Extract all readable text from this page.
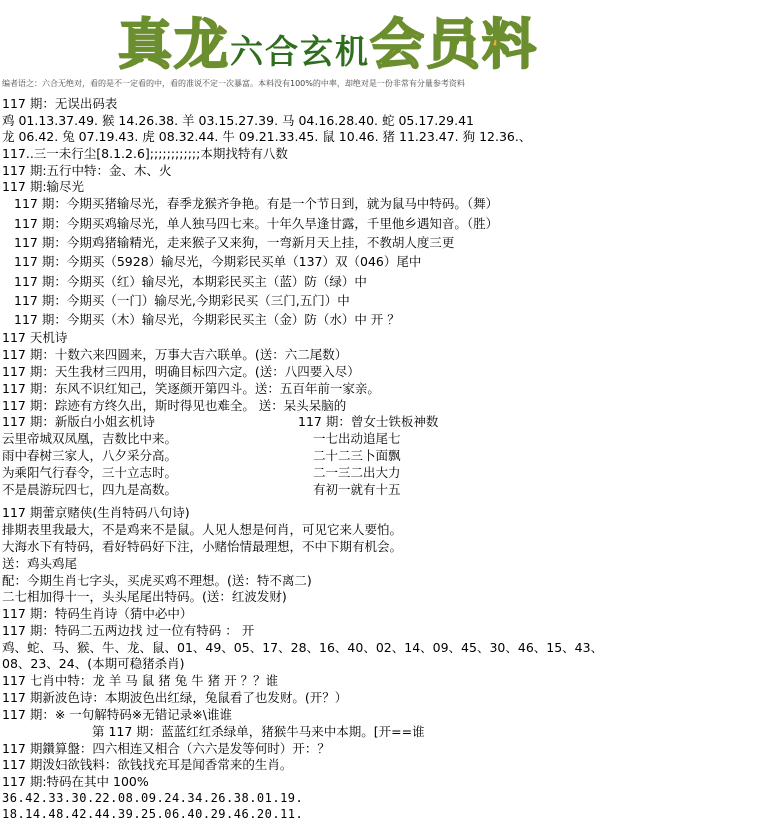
真龙六合玄机会员料
编者语之：六合无绝对，看的是不一定看的中，看的准说不定一次暴富。本料没有100%的中率，却绝对是一份非常有分量参考资料
117 期：无误出码表
鸡 01.13.37.49. 猴 14.26.38. 羊 03.15.27.39. 马 04.16.28.40. 蛇 05.17.29.41
龙 06.42. 兔 07.19.43. 虎 08.32.44. 牛 09.21.33.45. 鼠 10.46. 猪 11.23.47. 狗 12.36.、
117..三一未行尘[8.1.2.6];;;;;;;;;;;;本期找特有八数
117 期:五行中特：金、木、火
117 期:输尽光
117 期：今期买猪输尽光，春季龙猴齐争艳。有是一个节日到，就为鼠马中特码。（舞）
117 期：今期买鸡输尽光，单人独马四七来。十年久旱逢甘露，千里他乡遇知音。（胜）
117 期：今期鸡猪输精光，走来猴子又来狗，一弯新月天上挂，不教胡人度三更
117 期：今期买（5928）输尽光，今期彩民买单（137）双（046）尾中
117 期：今期买（红）输尽光，本期彩民买主（蓝）防（绿）中
117 期：今期买（一门）输尽光,今期彩民买（三门,五门）中
117 期：今期买（木）输尽光，今期彩民买主（金）防（水）中 开 ？
117 天机诗
117 期：十数六来四圆来，万事大吉六联单。(送：六二尾数）
117 期：天生我材三四用，明确目标四六定。(送：八四要入尽）
117 期：东风不识红知己，笑逐颜开第四斗。送：五百年前一家亲。
117 期：踪迹有方终久出，斯时得见也难全。 送：呆头呆脑的
117 期：新版白小姐玄机诗
云里帝城双凤凰，吉数比中来。
雨中春树三家人，八夕采分高。
为乘阳气行春令，三十立志时。
不是晨游玩四七，四九是高数。
117 期：曾女士铁板神数
一七出动追尾七
二十二三卜面飘
二一三二出大力
有初一就有十五
117 期蕾京赌侠(生肖特码八句诗)
排期表里我最大，不是鸡来不是鼠。人见人想是何肖，可见它来人要怕。
大海水下有特码，看好特码好下注，小赌怡情最理想，不中下期有机会。
送：鸡头鸡尾
配：今期生肖七字头，买虎买鸡不理想。(送：特不离二)
二七相加得十一，头头尾尾出特码。(送：红波发财)
117 期：特码生肖诗（猜中必中）
117 期：特码二五两边找 过一位有特码 ： 开
鸡、蛇、马、猴、牛、龙、鼠、01、49、05、17、28、16、40、02、14、09、45、30、46、15、43、
08、23、24、(本期可稳猪杀肖)
117 七肖中特：龙 羊 马 鼠 猪 兔 牛 猪 开 ？？谁
117 期新波色诗：本期波色出红绿，兔鼠看了也发财。(开？）
117 期：※ 一句解特码※无错记录※\谁谁
第 117 期：蓝蓝红红杀绿单，猪猴牛马来中本期。[开==谁
117 期鑽算盤：四六相连又相合（六六是发等何时）开：？
117 期泼妇欲钱料：欲钱找充耳是闻香常来的生肖。
117 期:特码在其中 100%
36.42.33.30.22.08.09.24.34.26.38.01.19.
18.14.48.42.44.39.25.06.40.29.46.20.11.
